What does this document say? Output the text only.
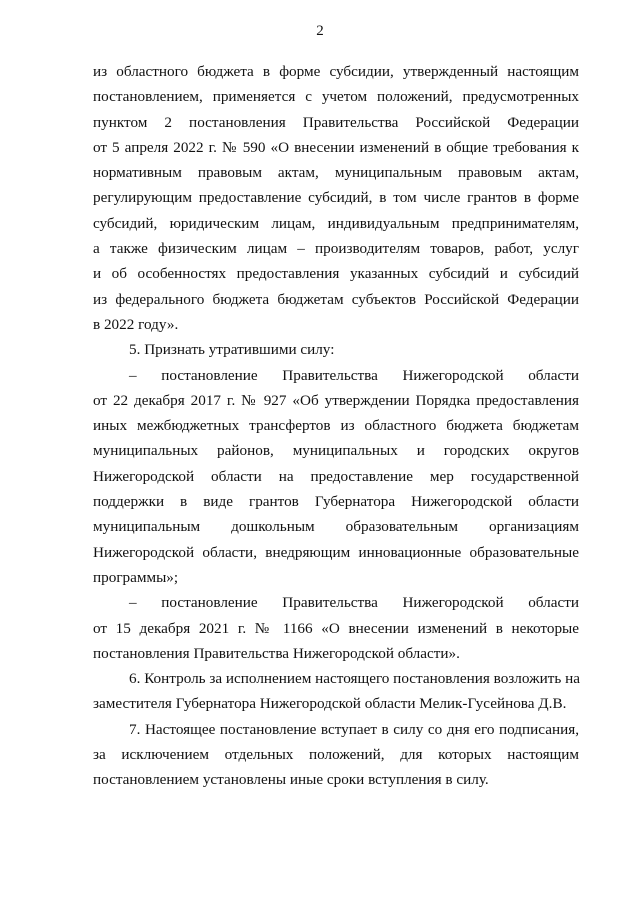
2
из областного бюджета в форме субсидии, утвержденный настоящим
постановлением, применяется с учетом положений, предусмотренных
пунктом 2 постановления Правительства Российской Федерации
от 5 апреля 2022 г. № 590 «О внесении изменений в общие требования к
нормативным правовым актам, муниципальным правовым актам,
регулирующим предоставление субсидий, в том числе грантов в форме
субсидий, юридическим лицам, индивидуальным предпринимателям,
а также физическим лицам – производителям товаров, работ, услуг
и об особенностях предоставления указанных субсидий и субсидий
из федерального бюджета бюджетам субъектов Российской Федерации
в 2022 году».
5. Признать утратившими силу:
– постановление Правительства Нижегородской области
от 22 декабря 2017 г. № 927 «Об утверждении Порядка предоставления
иных межбюджетных трансфертов из областного бюджета бюджетам
муниципальных районов, муниципальных и городских округов
Нижегородской области на предоставление мер государственной
поддержки в виде грантов Губернатора Нижегородской области
муниципальным дошкольным образовательным организациям
Нижегородской области, внедряющим инновационные образовательные
программы»;
– постановление Правительства Нижегородской области
от 15 декабря 2021 г. № 1166 «О внесении изменений в некоторые
постановления Правительства Нижегородской области».
6. Контроль за исполнением настоящего постановления возложить на
заместителя Губернатора Нижегородской области Мелик-Гусейнова Д.В.
7. Настоящее постановление вступает в силу со дня его подписания,
за исключением отдельных положений, для которых настоящим
постановлением установлены иные сроки вступления в силу.
